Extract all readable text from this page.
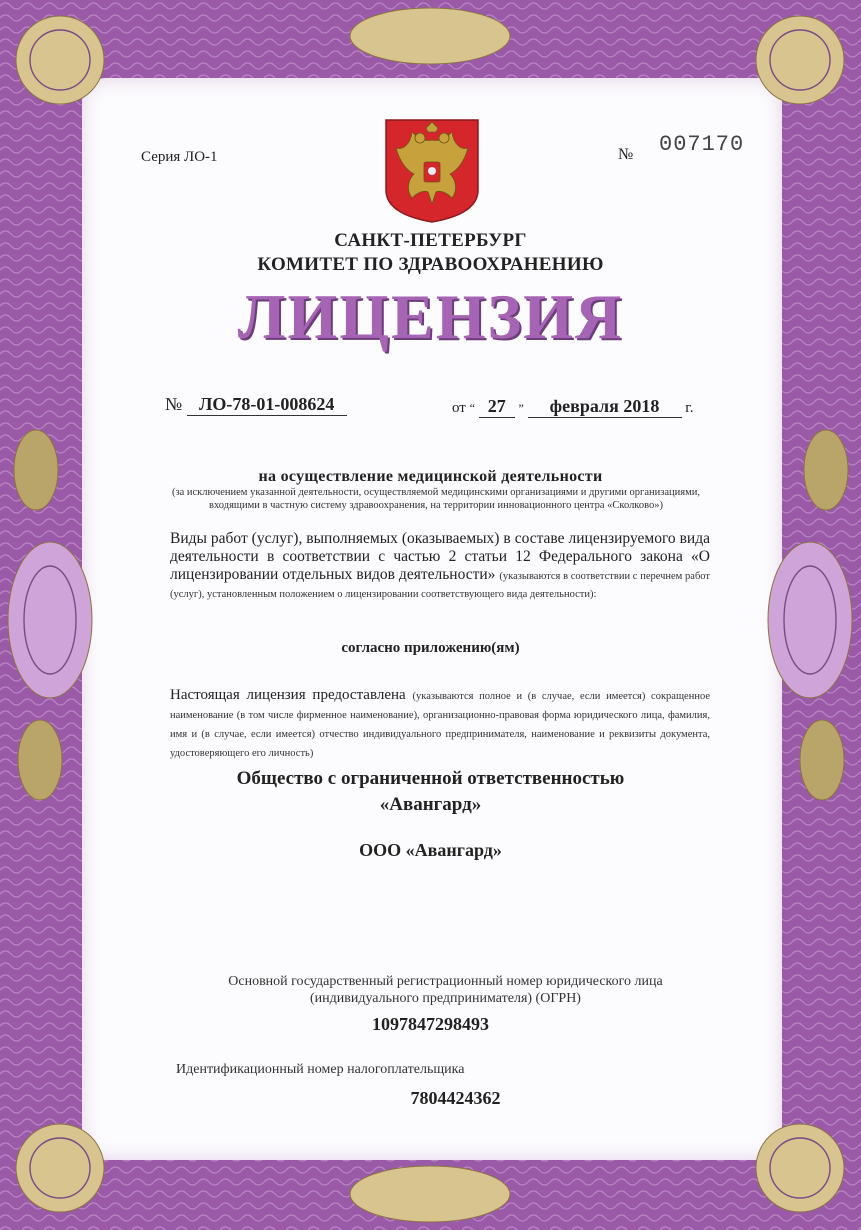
Серия ЛО-1	№ 007170
САНКТ-ПЕТЕРБУРГ
КОМИТЕТ ПО ЗДРАВООХРАНЕНИЮ
ЛИЦЕНЗИЯ
№ ЛО-78-01-008624	от “ 27 ” февраля 2018 г.
на осуществление медицинской деятельности
(за исключением указанной деятельности, осуществляемой медицинскими организациями и другими организациями, входящими в частную систему здравоохранения, на территории инновационного центра «Сколково»)
Виды работ (услуг), выполняемых (оказываемых) в составе лицензируемого вида деятельности в соответствии с частью 2 статьи 12 Федерального закона «О лицензировании отдельных видов деятельности» (указываются в соответствии с перечнем работ (услуг), установленным положением о лицензировании соответствующего вида деятельности):
согласно приложению(ям)
Настоящая лицензия предоставлена (указываются полное и (в случае, если имеется) сокращенное наименование (в том числе фирменное наименование), организационно-правовая форма юридического лица, фамилия, имя и (в случае, если имеется) отчество индивидуального предпринимателя, наименование и реквизиты документа, удостоверяющего его личность)
Общество с ограниченной ответственностью
«Авангард»
ООО «Авангард»
Основной государственный регистрационный номер юридического лица (индивидуального предпринимателя) (ОГРН)
1097847298493
Идентификационный номер налогоплательщика
7804424362
